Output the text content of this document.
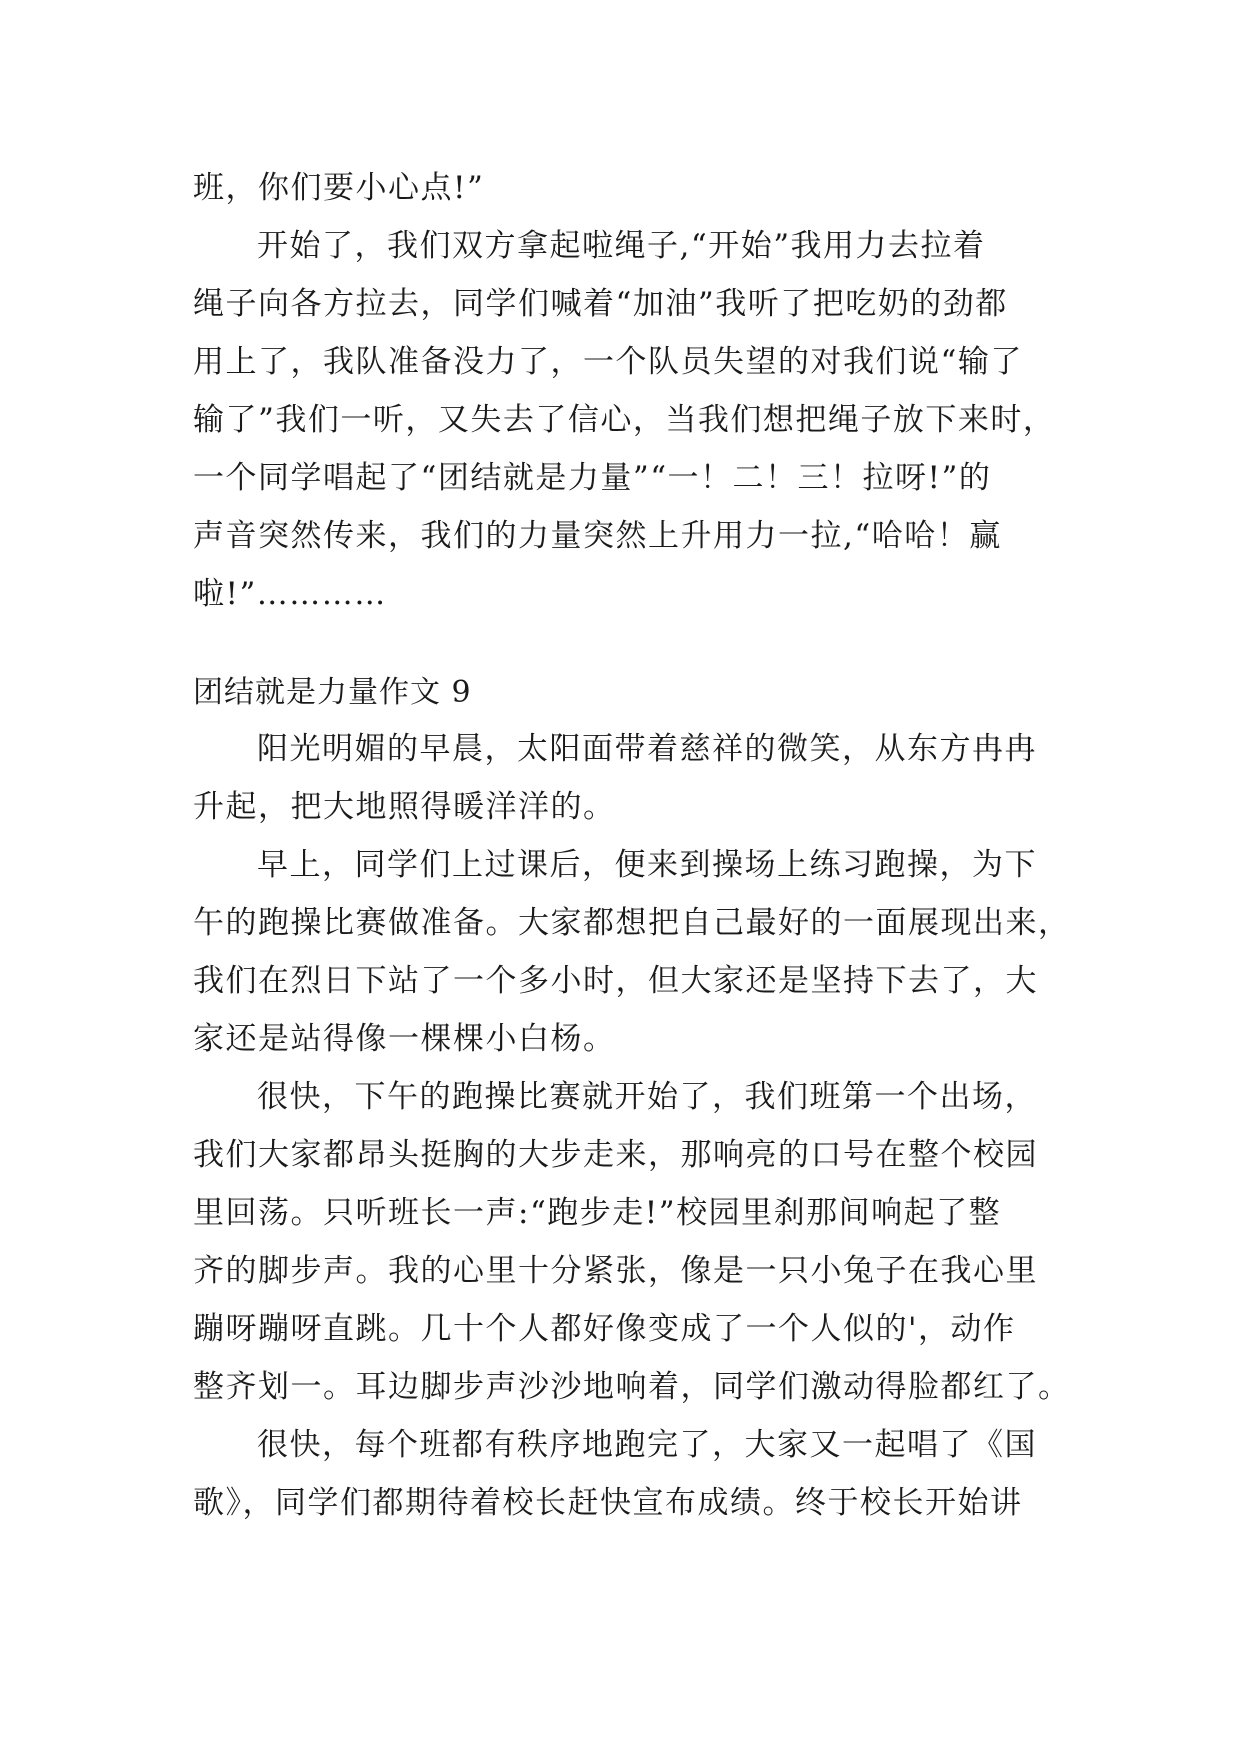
班，你们要小心点!”
开始了，我们双方拿起啦绳子,“开始”我用力去拉着
绳子向各方拉去，同学们喊着“加油”我听了把吃奶的劲都
用上了，我队准备没力了，一个队员失望的对我们说“输了
输了”我们一听，又失去了信心，当我们想把绳子放下来时，
一个同学唱起了“团结就是力量”“一！二！三！拉呀!”的
声音突然传来，我们的力量突然上升用力一拉,“哈哈！赢
啦!”…………
团结就是力量作文 9
阳光明媚的早晨，太阳面带着慈祥的微笑，从东方冉冉
升起，把大地照得暖洋洋的。
早上，同学们上过课后，便来到操场上练习跑操，为下
午的跑操比赛做准备。大家都想把自己最好的一面展现出来，
我们在烈日下站了一个多小时，但大家还是坚持下去了，大
家还是站得像一棵棵小白杨。
很快，下午的跑操比赛就开始了，我们班第一个出场，
我们大家都昂头挺胸的大步走来，那响亮的口号在整个校园
里回荡。只听班长一声:“跑步走!”校园里刹那间响起了整
齐的脚步声。我的心里十分紧张，像是一只小兔子在我心里
蹦呀蹦呀直跳。几十个人都好像变成了一个人似的'，动作
整齐划一。耳边脚步声沙沙地响着，同学们激动得脸都红了。
很快，每个班都有秩序地跑完了，大家又一起唱了《国
歌》，同学们都期待着校长赶快宣布成绩。终于校长开始讲
